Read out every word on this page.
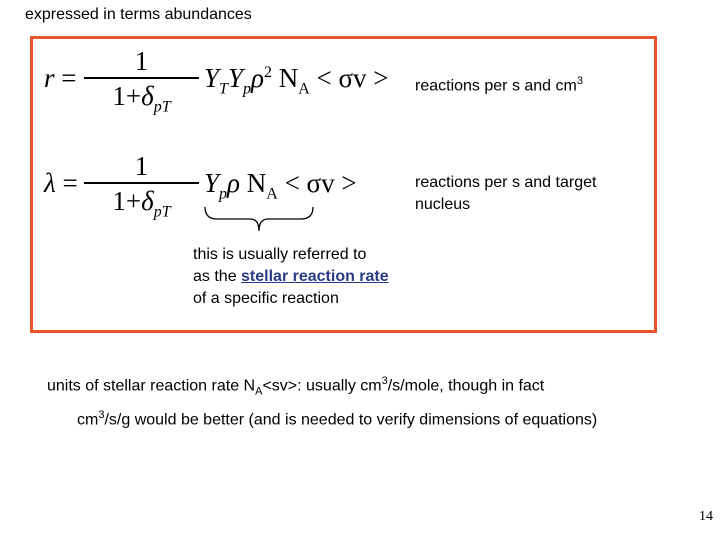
expressed in terms abundances
r =
1
$1+\delta_{pT}$
$Y_TY_p\rho^2$ $N_A < \sigma v$ > reactions per s and $cm^3$
λ =
1
$1+\delta_{pT}$
$Y_p\rho$ $N_A < \sigma v$ >	reactions per s and target
nucleus
this is usually referred to
as the stellar reaction rate
of a specific reaction
units of stellar reaction rate $N_A<sv>$: usually $cm^3/s$/mole, though in fact
$cm^3/s/g$ would be better (and is needed to verify dimensions of equations)
14
